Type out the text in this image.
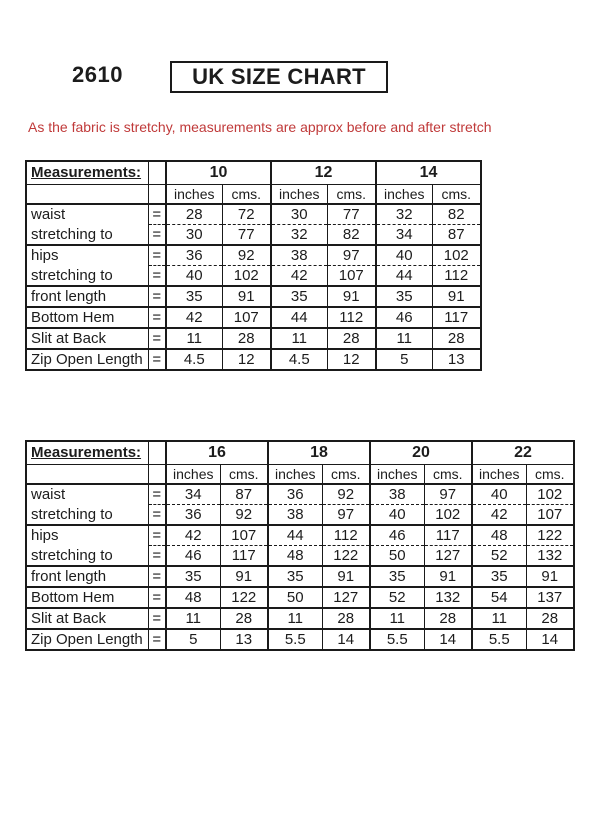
2610	UK SIZE CHART

As the fabric is stretchy, measurements are approx before and after stretch

Measurements:		10		12		14	
		inches	cms.	inches	cms.	inches	cms.
waist	=	28	72	30	77	32	82
stretching to	=	30	77	32	82	34	87
hips	=	36	92	38	97	40	102
stretching to	=	40	102	42	107	44	112
front length	=	35	91	35	91	35	91
Bottom Hem	=	42	107	44	112	46	117
Slit at Back	=	11	28	11	28	11	28
Zip Open Length	=	4.5	12	4.5	12	5	13
Measurements:		16		18		20		22	
		inches	cms.	inches	cms.	inches	cms.	inches	cms.
waist	=	34	87	36	92	38	97	40	102
stretching to	=	36	92	38	97	40	102	42	107
hips	=	42	107	44	112	46	117	48	122
stretching to	=	46	117	48	122	50	127	52	132
front length	=	35	91	35	91	35	91	35	91
Bottom Hem	=	48	122	50	127	52	132	54	137
Slit at Back	=	11	28	11	28	11	28	11	28
Zip Open Length	=	5	13	5.5	14	5.5	14	5.5	14
